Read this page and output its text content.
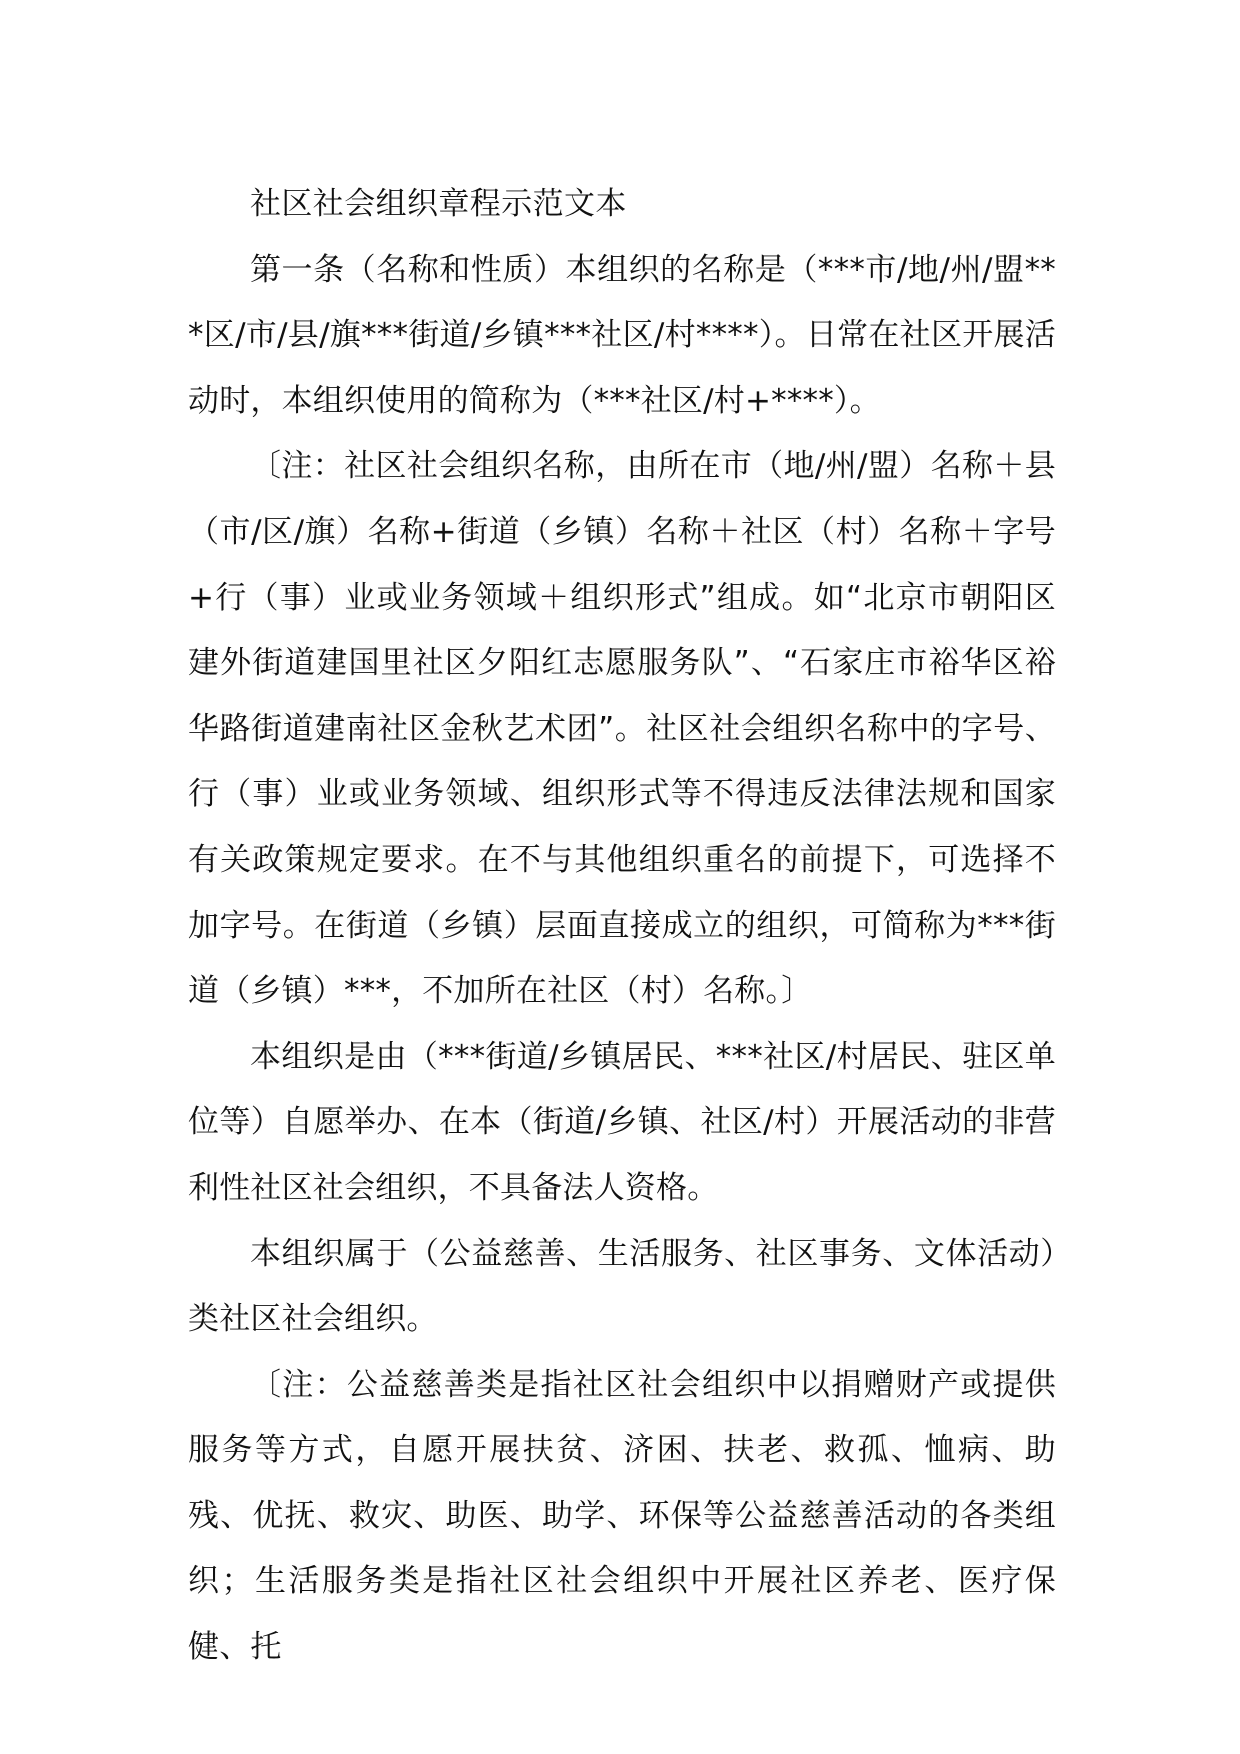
社区社会组织章程示范文本

第一条（名称和性质）本组织的名称是（***市/地/州/盟***区/市/县/旗***街道/乡镇***社区/村****）。日常在社区开展活动时，本组织使用的简称为（***社区/村+****）。

〔注：社区社会组织名称，由所在市（地/州/盟）名称＋县（市/区/旗）名称+街道（乡镇）名称＋社区（村）名称＋字号+行（事）业或业务领域＋组织形式”组成。如“北京市朝阳区建外街道建国里社区夕阳红志愿服务队”、“石家庄市裕华区裕华路街道建南社区金秋艺术团”。社区社会组织名称中的字号、行（事）业或业务领域、组织形式等不得违反法律法规和国家有关政策规定要求。在不与其他组织重名的前提下，可选择不加字号。在街道（乡镇）层面直接成立的组织，可简称为***街道（乡镇）***，不加所在社区（村）名称。〕

本组织是由（***街道/乡镇居民、***社区/村居民、驻区单位等）自愿举办、在本（街道/乡镇、社区/村）开展活动的非营利性社区社会组织，不具备法人资格。

本组织属于（公益慈善、生活服务、社区事务、文体活动）类社区社会组织。

〔注：公益慈善类是指社区社会组织中以捐赠财产或提供服务等方式，自愿开展扶贫、济困、扶老、救孤、恤病、助残、优抚、救灾、助医、助学、环保等公益慈善活动的各类组织；生活服务类是指社区社会组织中开展社区养老、医疗保健、托
